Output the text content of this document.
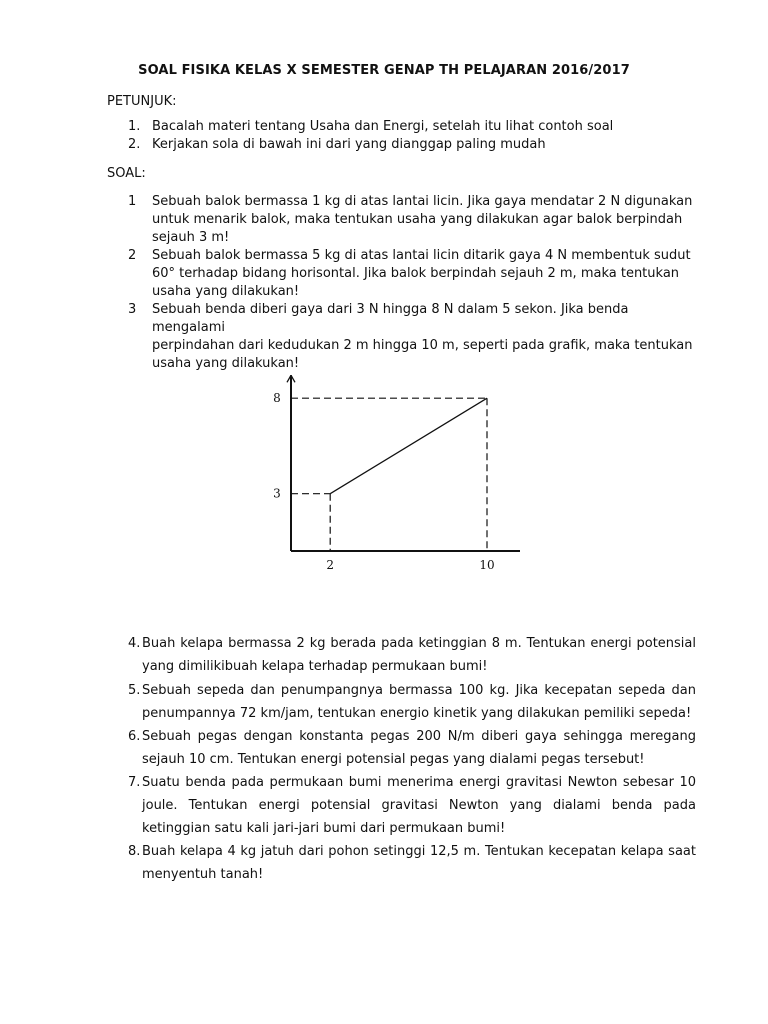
SOAL FISIKA KELAS X SEMESTER GENAP TH PELAJARAN 2016/2017
PETUNJUK:
1. Bacalah materi tentang Usaha dan Energi, setelah itu lihat contoh soal
2. Kerjakan sola di bawah ini dari yang dianggap paling mudah
SOAL:
1 Sebuah balok bermassa 1 kg di atas lantai licin. Jika gaya mendatar 2 N digunakan
untuk menarik balok, maka tentukan usaha yang dilakukan agar balok berpindah
sejauh 3 m!
2 Sebuah balok bermassa 5 kg di atas lantai licin ditarik gaya 4 N membentuk sudut
60° terhadap bidang horisontal. Jika balok berpindah sejauh 2 m, maka tentukan
usaha yang dilakukan!
3 Sebuah benda diberi gaya dari 3 N hingga 8 N dalam 5 sekon. Jika benda mengalami
perpindahan dari kedudukan 2 m hingga 10 m, seperti pada grafik, maka tentukan
usaha yang dilakukan!
2	10
3
8
4. Buah kelapa bermassa 2 kg berada pada ketinggian 8 m. Tentukan energi potensial
yang dimilikibuah kelapa terhadap permukaan bumi!
5. Sebuah sepeda dan penumpangnya bermassa 100 kg. Jika kecepatan sepeda dan
penumpannya 72 km/jam, tentukan energio kinetik yang dilakukan pemiliki sepeda!
6. Sebuah pegas dengan konstanta pegas 200 N/m diberi gaya sehingga meregang
sejauh 10 cm. Tentukan energi potensial pegas yang dialami pegas tersebut!
7. Suatu benda pada permukaan bumi menerima energi gravitasi Newton sebesar 10
joule. Tentukan energi potensial gravitasi Newton yang dialami benda pada ketinggian satu kali jari-jari bumi dari permukaan bumi!
8. Buah kelapa 4 kg jatuh dari pohon setinggi 12,5 m. Tentukan kecepatan kelapa saat
menyentuh tanah!
